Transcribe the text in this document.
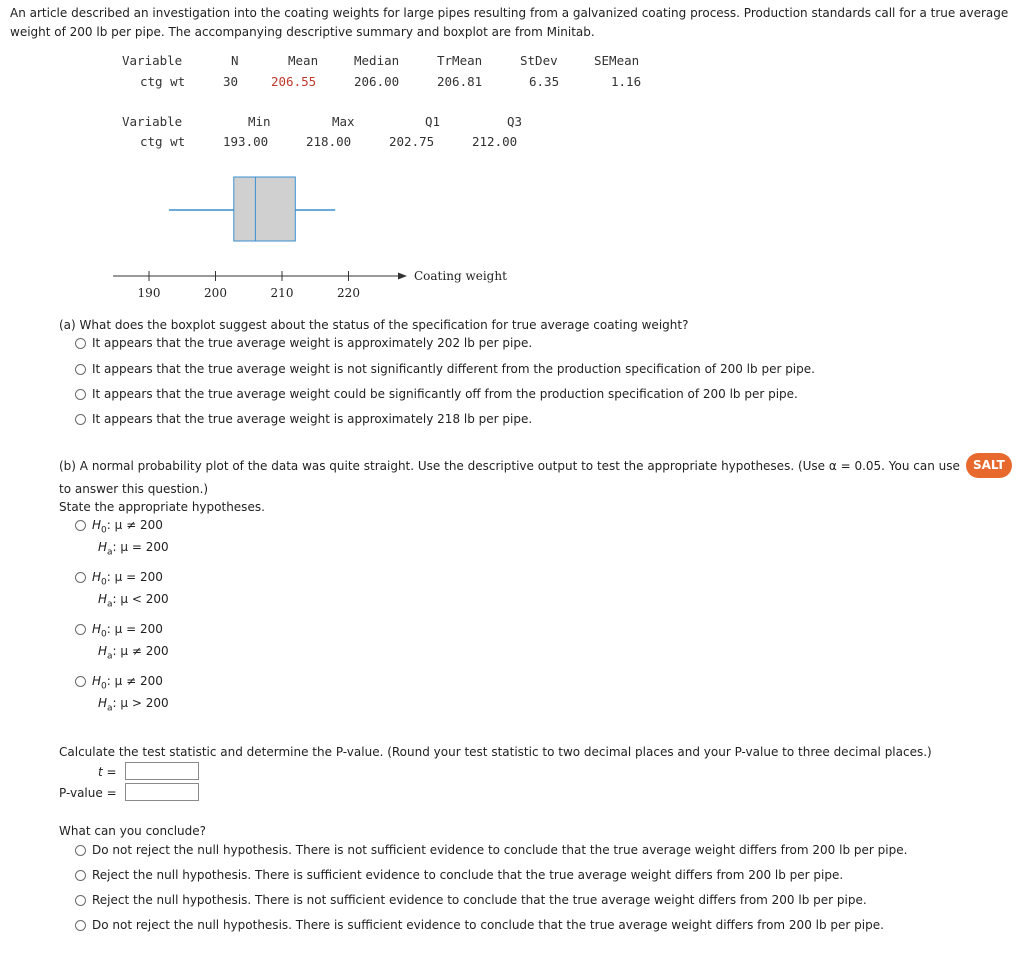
An article described an investigation into the coating weights for large pipes resulting from a galvanized coating process. Production standards call for a true average weight of 200 lb per pipe. The accompanying descriptive summary and boxplot are from Minitab.
Variable	N	Mean	Median	TrMean	StDev	SEMean
ctg wt	30	206.55	206.00	206.81	6.35	1.16
Variable	Min	Max	Q1	Q3
ctg wt	193.00	218.00	202.75	212.00
190	200	210	220
Coating weight
(a) What does the boxplot suggest about the status of the specification for true average coating weight?
It appears that the true average weight is approximately 202 lb per pipe.
It appears that the true average weight is not significantly different from the production specification of 200 lb per pipe.
It appears that the true average weight could be significantly off from the production specification of 200 lb per pipe.
It appears that the true average weight is approximately 218 lb per pipe.
(b) A normal probability plot of the data was quite straight. Use the descriptive output to test the appropriate hypotheses. (Use α = 0.05. You can use	SALT
to answer this question.)
State the appropriate hypotheses.
$H_0$: μ ≠ 200
$H_a$: μ = 200
$H_0$: μ = 200
$H_a$: μ < 200
$H_0$: μ = 200
$H_a$: μ ≠ 200
$H_0$: μ ≠ 200
$H_a$: μ > 200
Calculate the test statistic and determine the P-value. (Round your test statistic to two decimal places and your P-value to three decimal places.)
t =
P-value =
What can you conclude?
Do not reject the null hypothesis. There is not sufficient evidence to conclude that the true average weight differs from 200 lb per pipe.
Reject the null hypothesis. There is sufficient evidence to conclude that the true average weight differs from 200 lb per pipe.
Reject the null hypothesis. There is not sufficient evidence to conclude that the true average weight differs from 200 lb per pipe.
Do not reject the null hypothesis. There is sufficient evidence to conclude that the true average weight differs from 200 lb per pipe.
